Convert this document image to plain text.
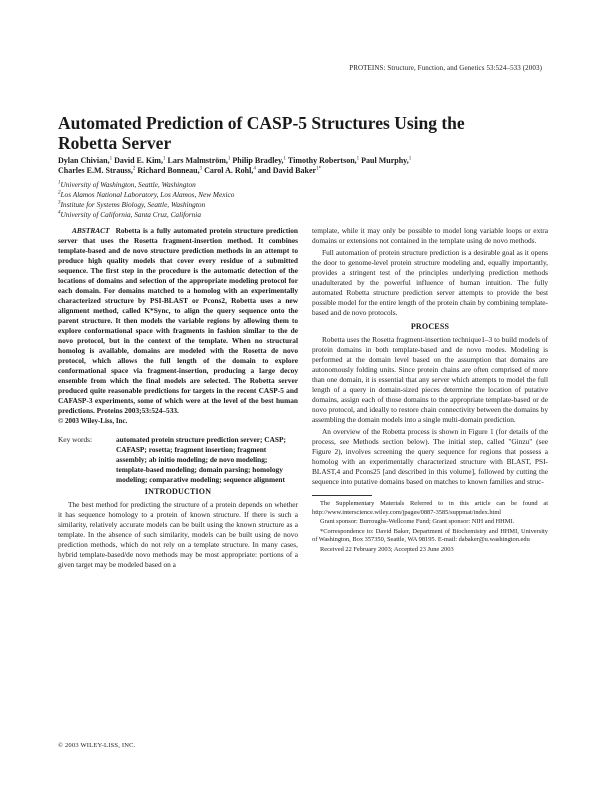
PROTEINS: Structure, Function, and Genetics 53:524–533 (2003)
Automated Prediction of CASP-5 Structures Using the Robetta Server
Dylan Chivian,$^1$ David E. Kim,$^1$ Lars Malmström,$^1$ Philip Bradley,$^1$ Timothy Robertson,$^1$ Paul Murphy,$^1$
Charles E.M. Strauss,$^2$ Richard Bonneau,$^3$ Carol A. Rohl,$^4$ and David Baker$^{1*}$
$^1$University of Washington, Seattle, Washington
$^2$Los Alamos National Laboratory, Los Alamos, New Mexico
$^3$Institute for Systems Biology, Seattle, Washington
$^4$University of California, Santa Cruz, California

ABSTRACT Robetta is a fully automated protein structure prediction server that uses the Rosetta fragment-insertion method. It combines template-based and de novo structure prediction methods in an attempt to produce high quality models that cover every residue of a submitted sequence. The first step in the procedure is the automatic detection of the locations of domains and selection of the appropriate modeling protocol for each domain. For domains matched to a homolog with an experimentally characterized structure by PSI-BLAST or Pcons2, Robetta uses a new alignment method, called K*Sync, to align the query sequence onto the parent structure. It then models the variable regions by allowing them to explore conformational space with fragments in fashion similar to the de novo protocol, but in the context of the template. When no structural homolog is available, domains are modeled with the Rosetta de novo protocol, which allows the full length of the domain to explore conformational space via fragment-insertion, producing a large decoy ensemble from which the final models are selected. The Robetta server produced quite reasonable predictions for targets in the recent CASP-5 and CAFASP-3 experiments, some of which were at the level of the best human predictions. Proteins 2003;53:524–533.

© 2003 Wiley-Liss, Inc.

Key words:	automated protein structure prediction server; CASP; CAFASP; rosetta; fragment insertion; fragment assembly; ab initio modeling; de novo modeling; template-based modeling; domain parsing; homology modeling; comparative modeling; sequence alignment
INTRODUCTION

The best method for predicting the structure of a protein depends on whether it has sequence homology to a protein of known structure. If there is such a similarity, relatively accurate models can be built using the known structure as a template. In the absence of such similarity, models can be built using de novo prediction methods, which do not rely on a template structure. In many cases, hybrid template-based/de novo methods may be most appropriate: portions of a given target may be modeled based on a

template, while it may only be possible to model long variable loops or extra domains or extensions not contained in the template using de novo methods.

Full automation of protein structure prediction is a desirable goal as it opens the door to genome-level protein structure modeling and, equally importantly, provides a stringent test of the principles underlying prediction methods unadulterated by the powerful influence of human intuition. The fully automated Robetta structure prediction server attempts to provide the best possible model for the entire length of the protein chain by combining template-based and de novo protocols.

PROCESS

Robetta uses the Rosetta fragment-insertion technique1–3 to build models of protein domains in both template-based and de novo modes. Modeling is performed at the domain level based on the assumption that domains are autonomously folding units. Since protein chains are often comprised of more than one domain, it is essential that any server which attempts to model the full length of a query in domain-sized pieces determine the location of putative domains, assign each of those domains to the appropriate template-based or de novo protocol, and ideally to restore chain connectivity between the domains by assembling the domain models into a single multi-domain prediction.

An overview of the Robetta process is shown in Figure 1 (for details of the process, see Methods section below). The initial step, called "Ginzu" (see Figure 2), involves screening the query sequence for regions that possess a homolog with an experimentally characterized structure with BLAST, PSI-BLAST,4 and Pcons25 [and described in this volume], followed by cutting the sequence into putative domains based on matches to known families and struc-

The Supplementary Materials Referred to in this article can be found at http://www.interscience.wiley.com/jpages/0887-3585/suppmat/index.html

Grant sponsor: Burroughs-Wellcome Fund; Grant sponsor: NIH and HHMI.

*Correspondence to: David Baker, Department of Biochemistry and HHMI, University of Washington, Box 357350, Seattle, WA 98195. E-mail: dabaker@u.washington.edu

Received 22 February 2003; Accepted 23 June 2003

© 2003 WILEY-LISS, INC.
